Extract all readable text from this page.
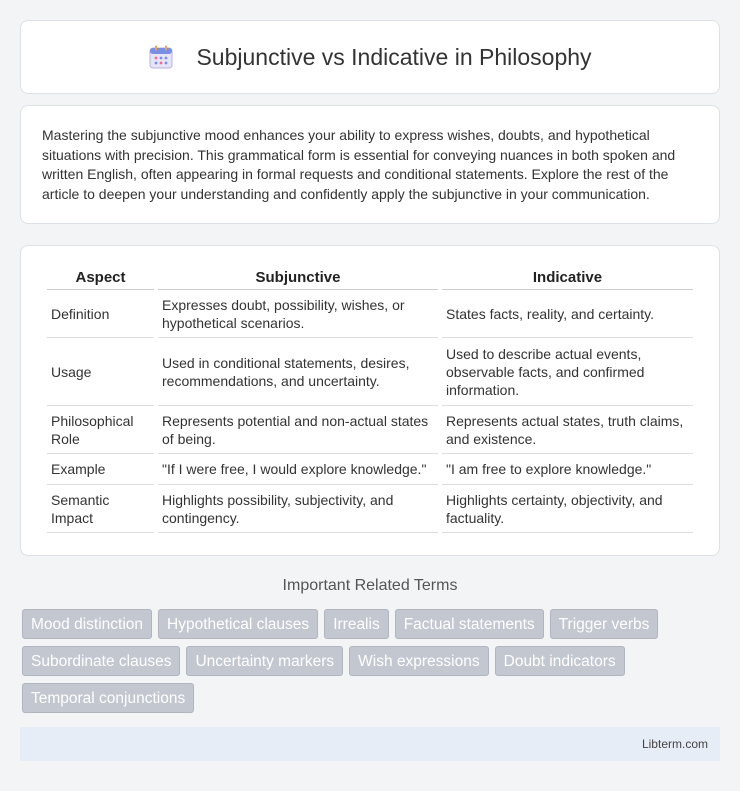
Subjunctive vs Indicative in Philosophy

Mastering the subjunctive mood enhances your ability to express wishes, doubts, and hypothetical situations with precision. This grammatical form is essential for conveying nuances in both spoken and written English, often appearing in formal requests and conditional statements. Explore the rest of the article to deepen your understanding and confidently apply the subjunctive in your communication.

Aspect	Subjunctive	Indicative
Definition	Expresses doubt, possibility, wishes, or hypothetical scenarios.	States facts, reality, and certainty.
Usage	Used in conditional statements, desires, recommendations, and uncertainty.	Used to describe actual events, observable facts, and confirmed information.
Philosophical Role	Represents potential and non-actual states of being.	Represents actual states, truth claims, and existence.
Example	"If I were free, I would explore knowledge."	"I am free to explore knowledge."
Semantic Impact	Highlights possibility, subjectivity, and contingency.	Highlights certainty, objectivity, and factuality.
Important Related Terms
Mood distinction	Hypothetical clauses	Irrealis	Factual statements	Trigger verbs
Subordinate clauses	Uncertainty markers	Wish expressions	Doubt indicators
Temporal conjunctions
Libterm.com
